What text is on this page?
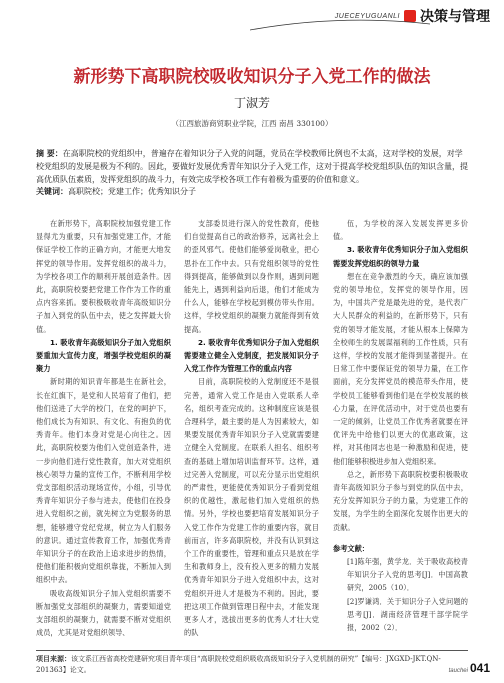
JUECEYUGUANLI 决策与管理
新形势下高职院校吸收知识分子入党工作的做法
丁淑芳
（江西旅游商贸职业学院，江西 南昌 330100）
摘 要：在高职院校的党组织中，普遍存在着知识分子入党的问题，党员在学校教师比例也不太高，这对学校的发展，对学校党组织的发展是极为不利的。因此，要做好发展优秀青年知识分子入党工作，这对于提高学校党组织队伍的知识含量，提高优质队伍素质，发挥党组织的战斗力，有效完成学校各项工作有着极为重要的价值和意义。
关键词：高职院校；党建工作；优秀知识分子

在新形势下，高职院校加强党建工作显得尤为重要，只有加强党建工作，才能保证学校工作的正确方向，才能更大地发挥党的领导作用。发挥党组织的战斗力，为学校各项工作的顺利开展创造条件。因此，高职院校要把党建工作作为工作的重点内容来抓。要积极吸收青年高级知识分子加入到党的队伍中去，使之发挥最大价值。

1. 吸收青年高级知识分子加入党组织要重加大宣传力度，增强学校党组织的凝聚力

新时期的知识青年都是生在新社会，长在红旗下，是党和人民培育了他们，把他们送进了大学的校门，在党的呵护下，他们成长为有知识、有文化、有抱负的优秀青年。他们本身对党是心向往之。因此，高职院校要为他们入党创造条件，进一步向他们进行党性教育，加大对党组织核心领导力量的宣传工作，不断利用学校党支部组织活动现场宣传，小组，引导优秀青年知识分子参与进去，使他们在投身进入党组织之前，就先树立为党服务的思想，能够遵守党纪党规，树立为人们服务的意识。通过宣传教育工作，加强优秀青年知识分子的在政治上追求进步的热情，使他们能积极向党组织靠拢，不断加入到组织中去。

吸收高级知识分子加入党组织需要不断加强党支部组织的凝聚力，需要知道党支部组织的凝聚力，就需要不断对党组织成员，尤其是对党组织领导、

支部委员进行深入的党性教育，使他们自觉提高自己的政治修养，远离社会上的歪风邪气。使他们能够爱岗敬业，把心思扑在工作中去。只有党组织领导的党性得到提高，能够做到以身作则，遇到问题能先上，遇到利益向后退，他们才能成为什么人，能够在学校起到模仿带头作用。这样，学校党组织的凝聚力就能得到有效提高。

2. 吸收青年优秀知识分子加入党组织需要建立健全入党制度，把发展知识分子入党工作作为管理工作的重点内容

目前，高职院校的入党制度还不是很完善，通常入党工作是由入党联系人牵名，组织考查完成的。这种制度应该是很合理科学，最主要的是人为因素较大，如果要发展优秀青年知识分子入党就需要建立健全入党制度。在联系人担名、组织考查的基础上增加培训监督环节。这样，通过完善入党制度，可以充分显示出党组织的严肃性，更能使优秀知识分子看到党组织的优越性，激起他们加入党组织的热情。另外，学校也要把培育发展知识分子入党工作作为党建工作的重要内容，就目前而言，许多高职院校，并没有认识到这个工作的重要性，管理和重点只是放在学生和教师身上，没有投入更多的精力发展优秀青年知识分子进入党组织中去，这对党组织开进人才是极为不利的。因此，要把这项工作做到管理日程中去，才能发现更多人才，选拔出更多的优秀人才壮大党的队

伍，为学校的深入发展发挥更多价值。

3. 吸收青年优秀知识分子加入党组织需要发挥党组织的领导力量

想在在竞争激烈的今天，确应该加强党的领导地位，发挥党的领导作用，因为，中国共产党是最先进的党，是代表广大人民群众的利益的，在新形势下，只有党的领导才能发展，才能从根本上保障为全校师生的发展谋福利的工作性质，只有这样，学校的发展才能得到显著提升。在日常工作中要保证党的领导力量，在工作面前，充分发挥党员的模范带头作用，使学校员工能够看到他们是在学校发展的核心力量，在评优活动中，对于党员也要有一定的倾斜，让党员工作优秀者就要在评优评先中给他们以更大的优惠政策，这样，对其他同志也是一种激励和促进，使他们能够积极进步加入党组织来。

总之，新形势下高职院校要积极吸收青年高级知识分子参与到党的队伍中去，充分发挥知识分子的力量，为党建工作的发展，为学生的全面深化发展作出更大的贡献。

参考文献：

[1]陈年强，黄学龙．关于吸收高校青年知识分子入党的思考[J]．中国高教研究，2005（10）．

[2]罗谦鸿．关于知识分子入党问题的思考[J]．湖南经济管理干部学院学报，2002（2）．

项目来源：该文系江西省高校党建研究项目青年项目“高职院校党组织吸收高级知识分子入党机制的研究”【编号：JXGXD-JKT.QN-201363】论文。	tauchei 041
